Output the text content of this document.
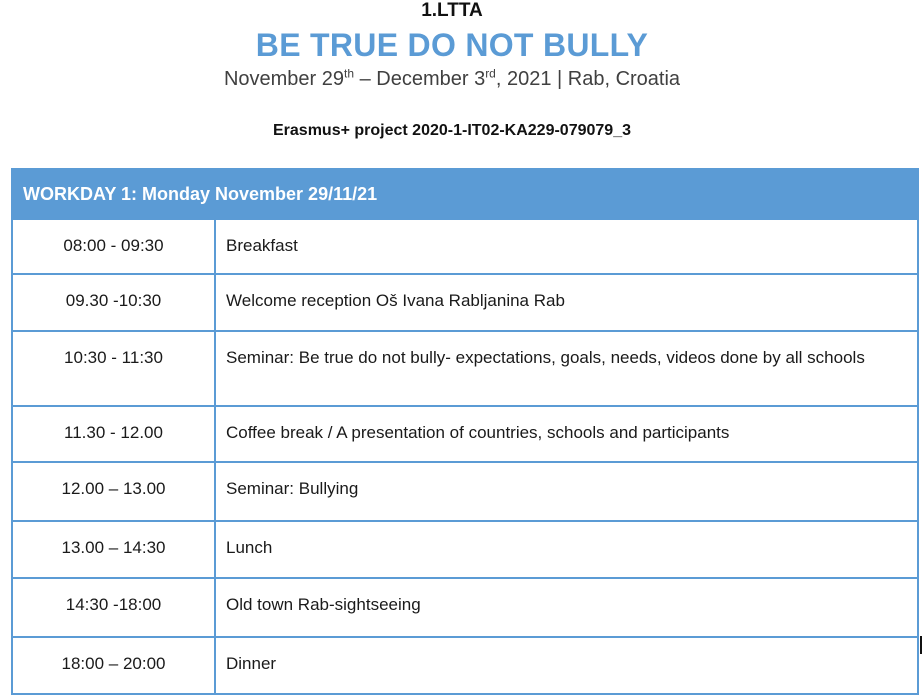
1.LTTA
BE TRUE DO NOT BULLY
November 29th – December 3rd, 2021 | Rab, Croatia
Erasmus+ project 2020-1-IT02-KA229-079079_3
WORKDAY 1: Monday November 29/11/21	
08:00 - 09:30	Breakfast
09.30 -10:30	Welcome reception Oš Ivana Rabljanina Rab
10:30 - 11:30	Seminar: Be true do not bully- expectations, goals, needs, videos done by all schools
11.30 - 12.00	Coffee break / A presentation of countries, schools and participants
12.00 – 13.00	Seminar: Bullying
13.00 – 14:30	Lunch
14:30 -18:00	Old town Rab-sightseeing
18:00 – 20:00	Dinner
